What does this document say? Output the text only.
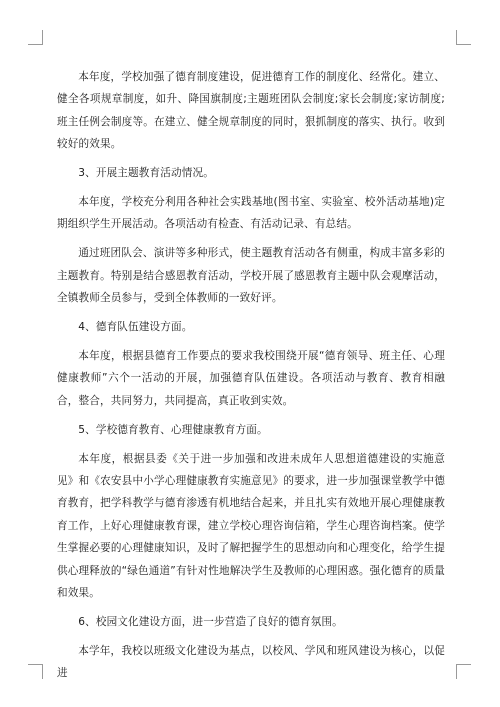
本年度，学校加强了德育制度建设，促进德育工作的制度化、经常化。建立、健全各项规章制度，如升、降国旗制度;主题班团队会制度;家长会制度;家访制度;班主任例会制度等。在建立、健全规章制度的同时，狠抓制度的落实、执行。收到较好的效果。

3、开展主题教育活动情况。

本年度，学校充分利用各种社会实践基地(图书室、实验室、校外活动基地)定期组织学生开展活动。各项活动有检查、有活动记录、有总结。

通过班团队会、演讲等多种形式，使主题教育活动各有侧重，构成丰富多彩的主题教育。特别是结合感恩教育活动，学校开展了感恩教育主题中队会观摩活动，全镇教师全员参与，受到全体教师的一致好评。

4、德育队伍建设方面。

本年度，根据县德育工作要点的要求我校围绕开展“德育领导、班主任、心理健康教师”六个一活动的开展，加强德育队伍建设。各项活动与教育、教育相融合，整合，共同努力，共同提高，真正收到实效。

5、学校德育教育、心理健康教育方面。

本年度，根据县委《关于进一步加强和改进未成年人思想道德建设的实施意见》和《农安县中小学心理健康教育实施意见》的要求，进一步加强课堂教学中德育教育，把学科教学与德育渗透有机地结合起来，并且扎实有效地开展心理健康教育工作，上好心理健康教育课，建立学校心理咨询信箱，学生心理咨询档案。使学生掌握必要的心理健康知识，及时了解把握学生的思想动向和心理变化，给学生提供心理释放的“绿色通道”有针对性地解决学生及教师的心理困惑。强化德育的质量和效果。

6、校园文化建设方面，进一步营造了良好的德育氛围。

本学年，我校以班级文化建设为基点，以校风、学风和班风建设为核心，以促进
